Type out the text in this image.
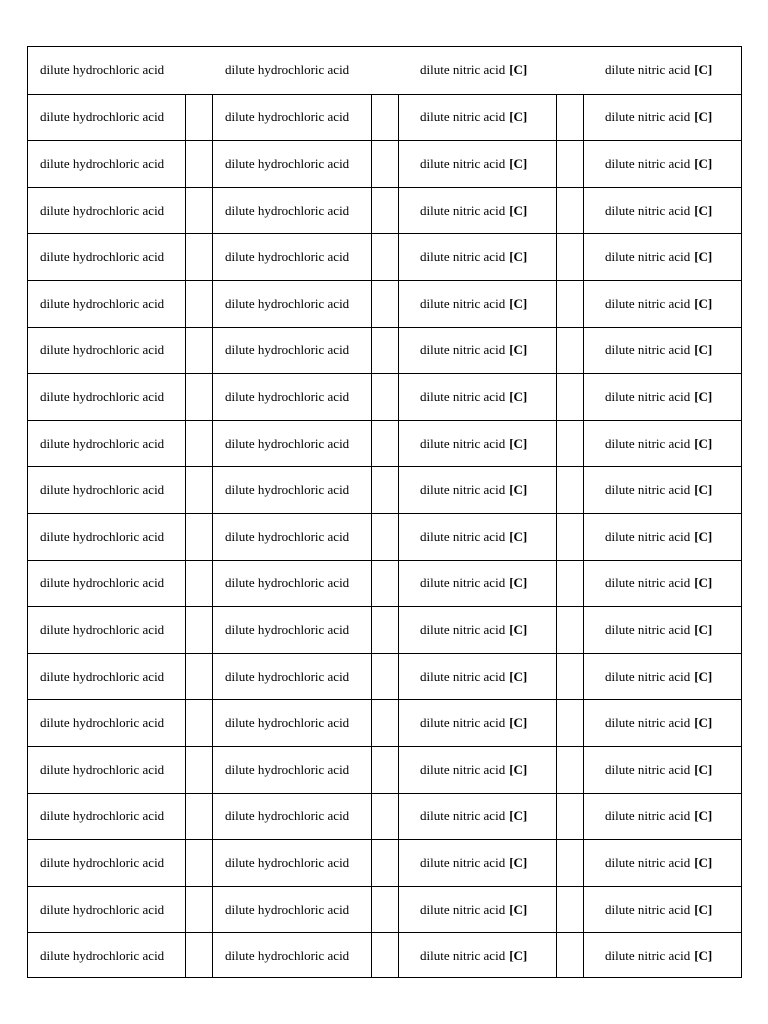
dilute hydrochloric acid	dilute hydrochloric acid	dilute nitric acid [C]	dilute nitric acid [C]
dilute hydrochloric acid	dilute hydrochloric acid	dilute nitric acid [C]	dilute nitric acid [C]
dilute hydrochloric acid	dilute hydrochloric acid	dilute nitric acid [C]	dilute nitric acid [C]
dilute hydrochloric acid	dilute hydrochloric acid	dilute nitric acid [C]	dilute nitric acid [C]
dilute hydrochloric acid	dilute hydrochloric acid	dilute nitric acid [C]	dilute nitric acid [C]
dilute hydrochloric acid	dilute hydrochloric acid	dilute nitric acid [C]	dilute nitric acid [C]
dilute hydrochloric acid	dilute hydrochloric acid	dilute nitric acid [C]	dilute nitric acid [C]
dilute hydrochloric acid	dilute hydrochloric acid	dilute nitric acid [C]	dilute nitric acid [C]
dilute hydrochloric acid	dilute hydrochloric acid	dilute nitric acid [C]	dilute nitric acid [C]
dilute hydrochloric acid	dilute hydrochloric acid	dilute nitric acid [C]	dilute nitric acid [C]
dilute hydrochloric acid	dilute hydrochloric acid	dilute nitric acid [C]	dilute nitric acid [C]
dilute hydrochloric acid	dilute hydrochloric acid	dilute nitric acid [C]	dilute nitric acid [C]
dilute hydrochloric acid	dilute hydrochloric acid	dilute nitric acid [C]	dilute nitric acid [C]
dilute hydrochloric acid	dilute hydrochloric acid	dilute nitric acid [C]	dilute nitric acid [C]
dilute hydrochloric acid	dilute hydrochloric acid	dilute nitric acid [C]	dilute nitric acid [C]
dilute hydrochloric acid	dilute hydrochloric acid	dilute nitric acid [C]	dilute nitric acid [C]
dilute hydrochloric acid	dilute hydrochloric acid	dilute nitric acid [C]	dilute nitric acid [C]
dilute hydrochloric acid	dilute hydrochloric acid	dilute nitric acid [C]	dilute nitric acid [C]
dilute hydrochloric acid	dilute hydrochloric acid	dilute nitric acid [C]	dilute nitric acid [C]
dilute hydrochloric acid	dilute hydrochloric acid	dilute nitric acid [C]	dilute nitric acid [C]
